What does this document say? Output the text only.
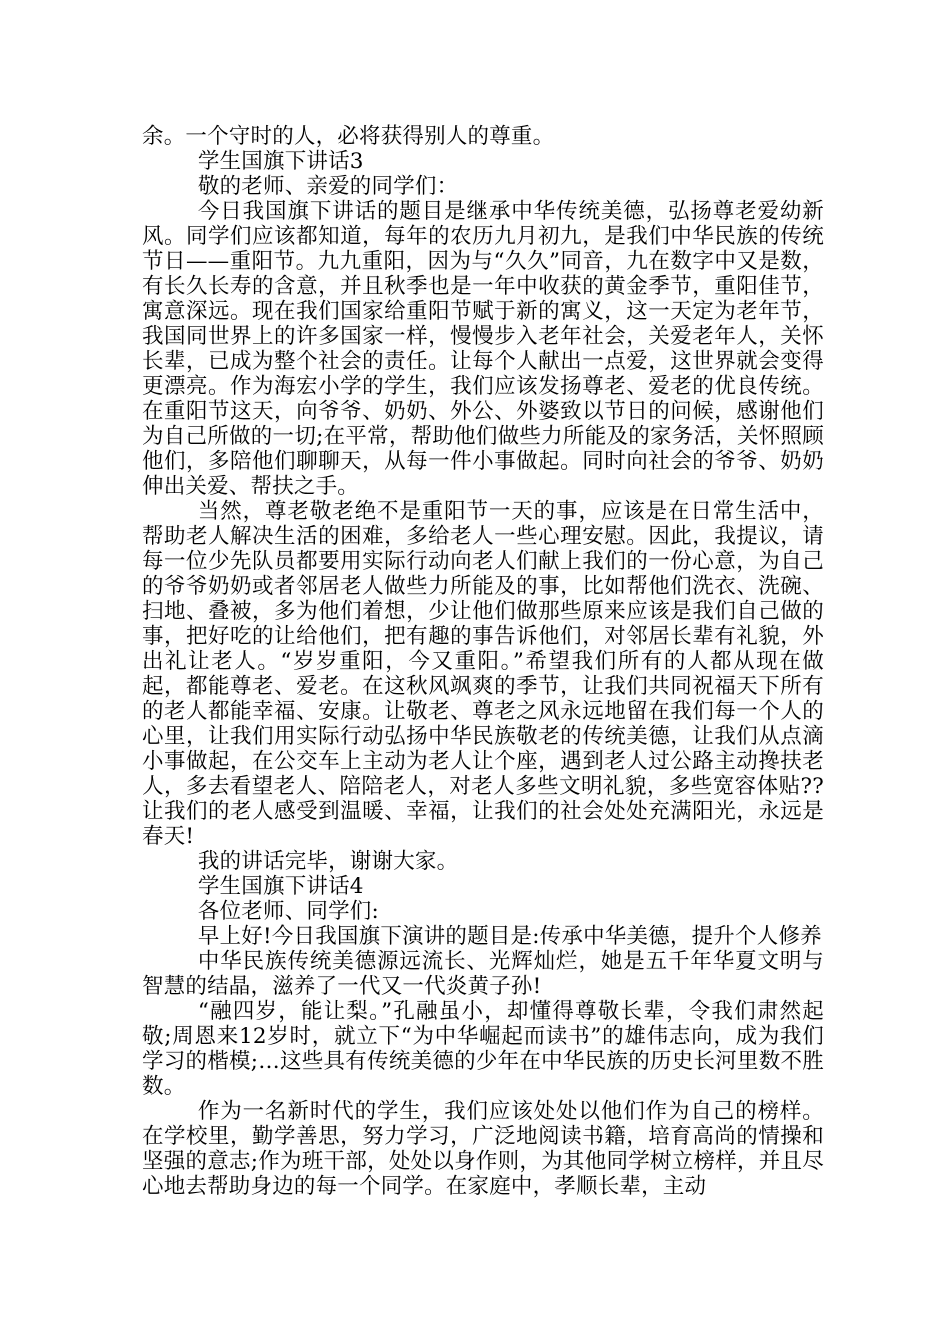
余。一个守时的人，必将获得别人的尊重。

学生国旗下讲话3

敬的老师、亲爱的同学们：

今日我国旗下讲话的题目是继承中华传统美德，弘扬尊老爱幼新风。同学们应该都知道，每年的农历九月初九，是我们中华民族的传统节日——重阳节。九九重阳，因为与“久久”同音，九在数字中又是数，有长久长寿的含意，并且秋季也是一年中收获的黄金季节，重阳佳节，寓意深远。现在我们国家给重阳节赋于新的寓义，这一天定为老年节，我国同世界上的许多国家一样，慢慢步入老年社会，关爱老年人，关怀长辈，已成为整个社会的责任。让每个人献出一点爱，这世界就会变得更漂亮。作为海宏小学的学生，我们应该发扬尊老、爱老的优良传统。在重阳节这天，向爷爷、奶奶、外公、外婆致以节日的问候，感谢他们为自己所做的一切;在平常，帮助他们做些力所能及的家务活，关怀照顾他们，多陪他们聊聊天，从每一件小事做起。同时向社会的爷爷、奶奶伸出关爱、帮扶之手。

当然，尊老敬老绝不是重阳节一天的事，应该是在日常生活中，帮助老人解决生活的困难，多给老人一些心理安慰。因此，我提议，请每一位少先队员都要用实际行动向老人们献上我们的一份心意，为自己的爷爷奶奶或者邻居老人做些力所能及的事，比如帮他们洗衣、洗碗、扫地、叠被，多为他们着想，少让他们做那些原来应该是我们自己做的事，把好吃的让给他们，把有趣的事告诉他们，对邻居长辈有礼貌，外出礼让老人。“岁岁重阳，今又重阳。”希望我们所有的人都从现在做起，都能尊老、爱老。在这秋风飒爽的季节，让我们共同祝福天下所有的老人都能幸福、安康。让敬老、尊老之风永远地留在我们每一个人的心里，让我们用实际行动弘扬中华民族敬老的传统美德，让我们从点滴小事做起，在公交车上主动为老人让个座，遇到老人过公路主动搀扶老人，多去看望老人、陪陪老人，对老人多些文明礼貌，多些宽容体贴??让我们的老人感受到温暖、幸福，让我们的社会处处充满阳光，永远是春天!

我的讲话完毕，谢谢大家。

学生国旗下讲话4

各位老师、同学们:

早上好!今日我国旗下演讲的题目是:传承中华美德，提升个人修养

中华民族传统美德源远流长、光辉灿烂，她是五千年华夏文明与智慧的结晶，滋养了一代又一代炎黄子孙!

“融四岁，能让梨。”孔融虽小，却懂得尊敬长辈，令我们肃然起敬;周恩来12岁时，就立下“为中华崛起而读书”的雄伟志向，成为我们学习的楷模;…这些具有传统美德的少年在中华民族的历史长河里数不胜数。

作为一名新时代的学生，我们应该处处以他们作为自己的榜样。在学校里，勤学善思，努力学习，广泛地阅读书籍，培育高尚的情操和坚强的意志;作为班干部，处处以身作则，为其他同学树立榜样，并且尽心地去帮助身边的每一个同学。在家庭中，孝顺长辈，主动
